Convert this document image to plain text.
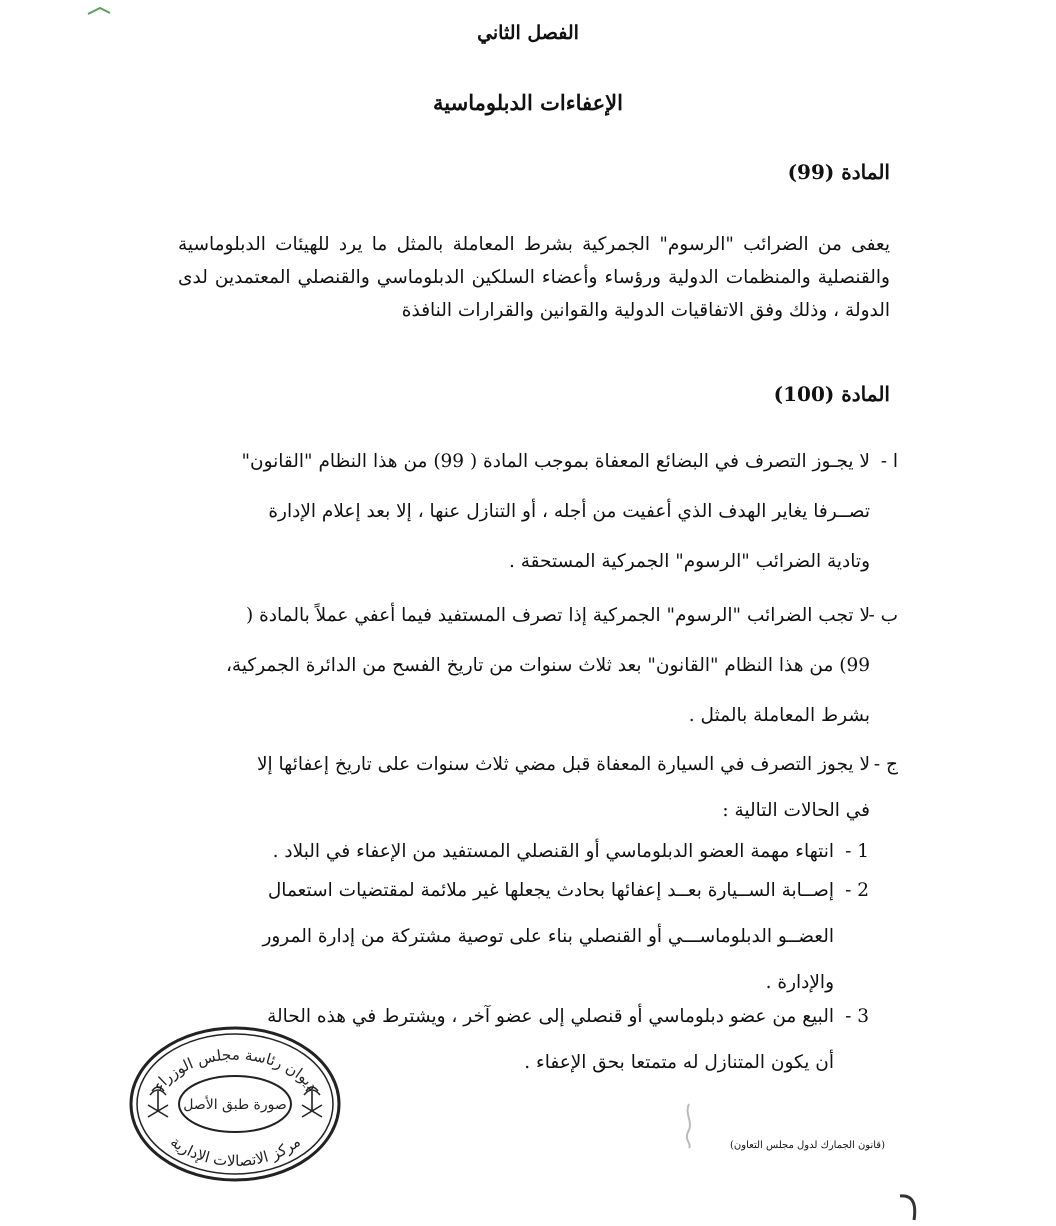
الفصل الثاني
الإعفاءات الدبلوماسية
المادة (99)
يعفى من الضرائب "الرسوم" الجمركية بشرط المعاملة بالمثل ما يرد للهيئات الدبلوماسية والقنصلية والمنظمات الدولية ورؤساء وأعضاء السلكين الدبلوماسي والقنصلي المعتمدين لدى الدولة ، وذلك وفق الاتفاقيات الدولية والقوانين والقرارات النافذة
المادة (100)
ا -
لا يجـوز التصرف في البضائع المعفاة بموجب المادة ( 99) من هذا النظام "القانون"
تصــرفا يغاير الهدف الذي أعفيت من أجله ، أو التنازل عنها ، إلا بعد إعلام الإدارة
وتادية الضرائب "الرسوم" الجمركية المستحقة .
ب -
لا تجب الضرائب "الرسوم" الجمركية إذا تصرف المستفيد فيما أعفي عملاً بالمادة (
99) من هذا النظام "القانون" بعد ثلاث سنوات من تاريخ الفسح من الدائرة الجمركية،
بشرط المعاملة بالمثل .
ج -
لا يجوز التصرف في السيارة المعفاة قبل مضي ثلاث سنوات على تاريخ إعفائها إلا
في الحالات التالية :
1 -
انتهاء مهمة العضو الدبلوماسي أو القنصلي المستفيد من الإعفاء في البلاد .
2 -
إصــابة الســيارة بعــد إعفائها بحادث يجعلها غير ملائمة لمقتضيات استعمال
العضــو الدبلوماســـي أو القنصلي بناء على توصية مشتركة من إدارة المرور
والإدارة .
3 -
البيع من عضو دبلوماسي أو قنصلي إلى عضو آخر ، ويشترط في هذه الحالة
أن يكون المتنازل له متمتعا بحق الإعفاء .
ديوان رئاسة مجلس الوزراء
صورة طبق الأصل
مركز الاتصالات الإدارية	(قانون الجمارك لدول مجلس التعاون)
